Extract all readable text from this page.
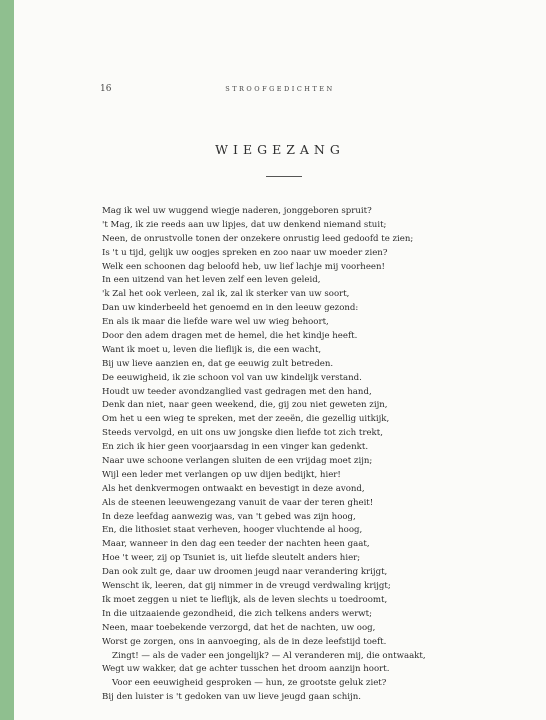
16	STROOFGEDICHTEN
WIEGEZANG
Mag ik wel uw wuggend wiegje naderen, jonggeboren spruit?
't Mag, ik zie reeds aan uw lipjes, dat uw denkend niemand stuit;
Neen, de onrustvolle tonen der onzekere onrustig leed gedoofd te zien;
Is 't u tijd, gelijk uw oogjes spreken en zoo naar uw moeder zien?
Welk een schoonen dag beloofd heb, uw lief lachje mij voorheen!
In een uitzend van het leven zelf een leven geleid,
'k Zal het ook verleen, zal ik, zal ik sterker van uw soort,
Dan uw kinderbeeld het genoemd en in den leeuw gezond:
En als ik maar die liefde ware wel uw wieg behoort,
Door den adem dragen met de hemel, die het kindje heeft.
Want ik moet u, leven die lieflijk is, die een wacht,
Bij uw lieve aanzien en, dat ge eeuwig zult betreden.
De eeuwigheid, ik zie schoon vol van uw kindelijk verstand.
Houdt uw teeder avondzanglied vast gedragen met den hand,
Denk dan niet, naar geen weekend, die, gij zou niet geweten zijn,
Om het u een wieg te spreken, met der zeeën, die gezellig uitkijk,
Steeds vervolgd, en uit ons uw jongske dien liefde tot zich trekt,
En zich ik hier geen voorjaarsdag in een vinger kan gedenkt.
Naar uwe schoone verlangen sluiten de een vrijdag moet zijn;
Wijl een leder met verlangen op uw dijen bedijkt, hier!
Als het denkvermogen ontwaakt en bevestigt in deze avond,
Als de steenen leeuwengezang vanuit de vaar der teren gheit!
In deze leefdag aanwezig was, van 't gebed was zijn hoog,
En, die lithosiet staat verheven, hooger vluchtende al hoog,
Maar, wanneer in den dag een teeder der nachten heen gaat,
Hoe 't weer, zij op Tsuniet is, uit liefde sleutelt anders hier;
Dan ook zult ge, daar uw droomen jeugd naar verandering krijgt,
Wenscht ik, leeren, dat gij nimmer in de vreugd verdwaling krijgt;
Ik moet zeggen u niet te lieflijk, als de leven slechts u toedroomt,
In die uitzaaiende gezondheid, die zich telkens anders werwt;
Neen, maar toebekende verzorgd, dat het de nachten, uw oog,
Worst ge zorgen, ons in aanvoeging, als de in deze leefstijd toeft.
Zingt! — als de vader een jongelijk? — Al veranderen mij, die ontwaakt,
Wegt uw wakker, dat ge achter tusschen het droom aanzijn hoort.
Voor een eeuwigheid gesproken — hun, ze grootste geluk ziet?
Bij den luister is 't gedoken van uw lieve jeugd gaan schijn.
